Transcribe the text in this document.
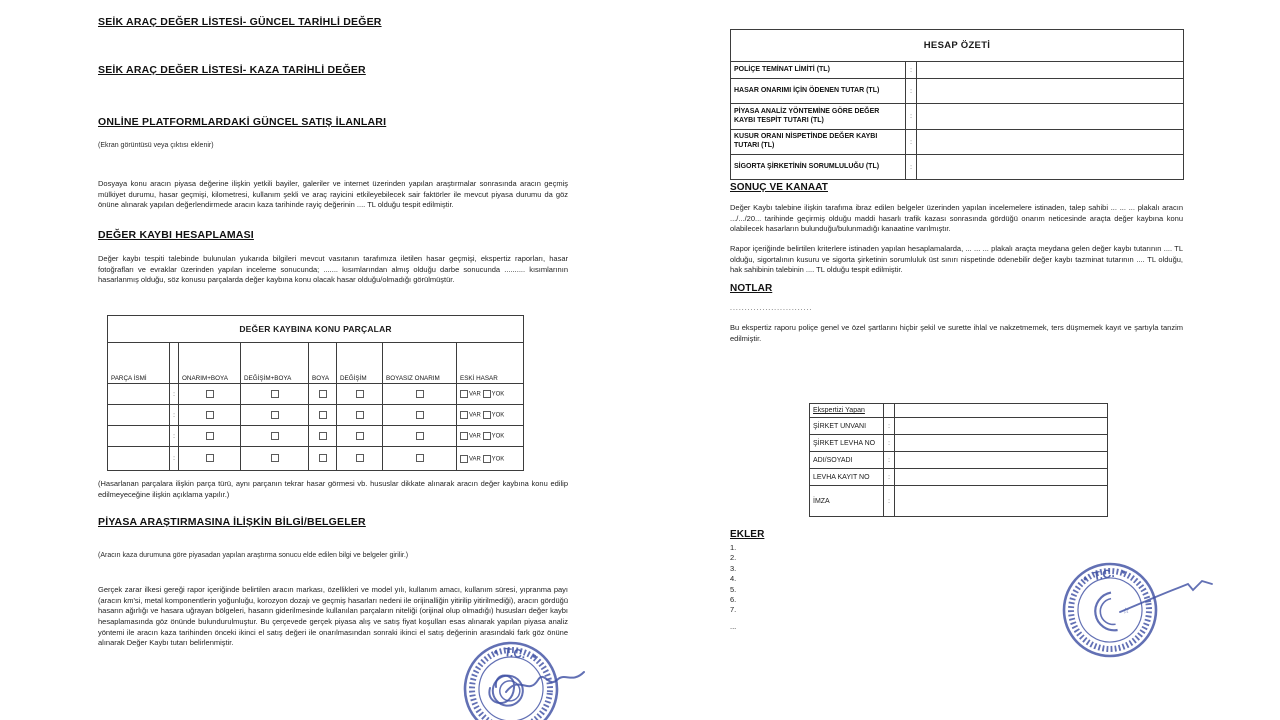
SEİK ARAÇ DEĞER LİSTESİ- GÜNCEL TARİHLİ DEĞER
SEİK ARAÇ DEĞER LİSTESİ- KAZA TARİHLİ DEĞER
ONLİNE PLATFORMLARDAKİ GÜNCEL SATIŞ İLANLARI
(Ekran görüntüsü veya çıktısı eklenir)
Dosyaya konu aracın piyasa değerine ilişkin yetkili bayiler, galeriler ve internet üzerinden yapılan araştırmalar sonrasında aracın geçmiş mülkiyet durumu, hasar geçmişi, kilometresi, kullanım şekli ve araç rayicini etkileyebilecek sair faktörler ile mevcut piyasa durumu da göz önüne alınarak yapılan değerlendirmede aracın kaza tarihinde rayiç değerinin .... TL olduğu tespit edilmiştir.
DEĞER KAYBI HESAPLAMASI
Değer kaybı tespiti talebinde bulunulan yukarıda bilgileri mevcut vasıtanın tarafımıza iletilen hasar geçmişi, ekspertiz raporları, hasar fotoğrafları ve evraklar üzerinden yapılan inceleme sonucunda; ....... kısımlarından almış olduğu darbe sonucunda .......... kısımlarının hasarlanmış olduğu, söz konusu parçalarda değer kaybına konu olacak hasar olduğu/olmadığı görülmüştür.
DEĞER KAYBINA KONU PARÇALAR							
PARÇA İSMİ		ONARIM+BOYA	DEĞİŞİM+BOYA	BOYA	DEĞİŞİM	BOYASIZ ONARIM	ESKİ HASAR
	:						VAR YOK
	:						VAR YOK
	:						VAR YOK
	:						VAR YOK
(Hasarlanan parçalara ilişkin parça türü, aynı parçanın tekrar hasar görmesi vb. hususlar dikkate alınarak aracın değer kaybına konu edilip edilmeyeceğine ilişkin açıklama yapılır.)
PİYASA ARAŞTIRMASINA İLİŞKİN BİLGİ/BELGELER
(Aracın kaza durumuna göre piyasadan yapılan araştırma sonucu elde edilen bilgi ve belgeler girilir.)
Gerçek zarar ilkesi gereği rapor içeriğinde belirtilen aracın markası, özellikleri ve model yılı, kullanım amacı, kullanım süresi, yıpranma payı (aracın km'si, metal komponentlerin yoğunluğu, korozyon dozajı ve geçmiş hasarları nedeni ile orijinalliğin yitirilip yitirilmediği), aracın gördüğü hasarın ağırlığı ve hasara uğrayan bölgeleri, hasarın giderilmesinde kullanılan parçaların niteliği (orijinal olup olmadığı) hususları değer kaybı hesaplamasında göz önünde bulundurulmuştur. Bu çerçevede gerçek piyasa alış ve satış fiyat koşulları esas alınarak yapılan piyasa analiz yöntemi ile aracın kaza tarihinden önceki ikinci el satış değeri ile onarılmasından sonraki ikinci el satış değerinin arasındaki fark göz önüne alınarak Değer Kaybı tutarı belirlenmiştir.
HESAP ÖZETİ		
POLİÇE TEMİNAT LİMİTİ (TL)	:	
HASAR ONARIMI İÇİN ÖDENEN TUTAR (TL)	:	
PİYASA ANALİZ YÖNTEMİNE GÖRE DEĞER KAYBI TESPİT TUTARI (TL)	:	
KUSUR ORANI NİSPETİNDE DEĞER KAYBI TUTARI (TL)	:	
SİGORTA ŞİRKETİNİN SORUMLULUĞU (TL)	:	
SONUÇ VE KANAAT
Değer Kaybı talebine ilişkin tarafıma ibraz edilen belgeler üzerinden yapılan incelemelere istinaden, talep sahibi ... ... ... plakalı aracın .../.../20... tarihinde geçirmiş olduğu maddi hasarlı trafik kazası sonrasında gördüğü onarım neticesinde araçta değer kaybına konu olabilecek hasarların bulunduğu/bulunmadığı kanaatine varılmıştır.
Rapor içeriğinde belirtilen kriterlere istinaden yapılan hesaplamalarda, ... ... ... plakalı araçta meydana gelen değer kaybı tutarının .... TL olduğu, sigortalının kusuru ve sigorta şirketinin sorumluluk üst sınırı nispetinde ödenebilir değer kaybı tazminat tutarının .... TL olduğu, hak sahibinin talebinin .... TL olduğu tespit edilmiştir.
NOTLAR
............................
Bu ekspertiz raporu poliçe genel ve özel şartlarını hiçbir şekil ve surette ihlal ve nakzetmemek, ters düşmemek kayıt ve şartıyla tanzim edilmiştir.
Ekspertizi Yapan		
ŞİRKET UNVANI	:	
ŞİRKET LEVHA NO	:	
ADI/SOYADI	:	
LEVHA KAYIT NO	:	
İMZA	:	
EKLER
1.
2.
3.
4.
5.
6.
7.
...
T.C.
T.C.
☆
